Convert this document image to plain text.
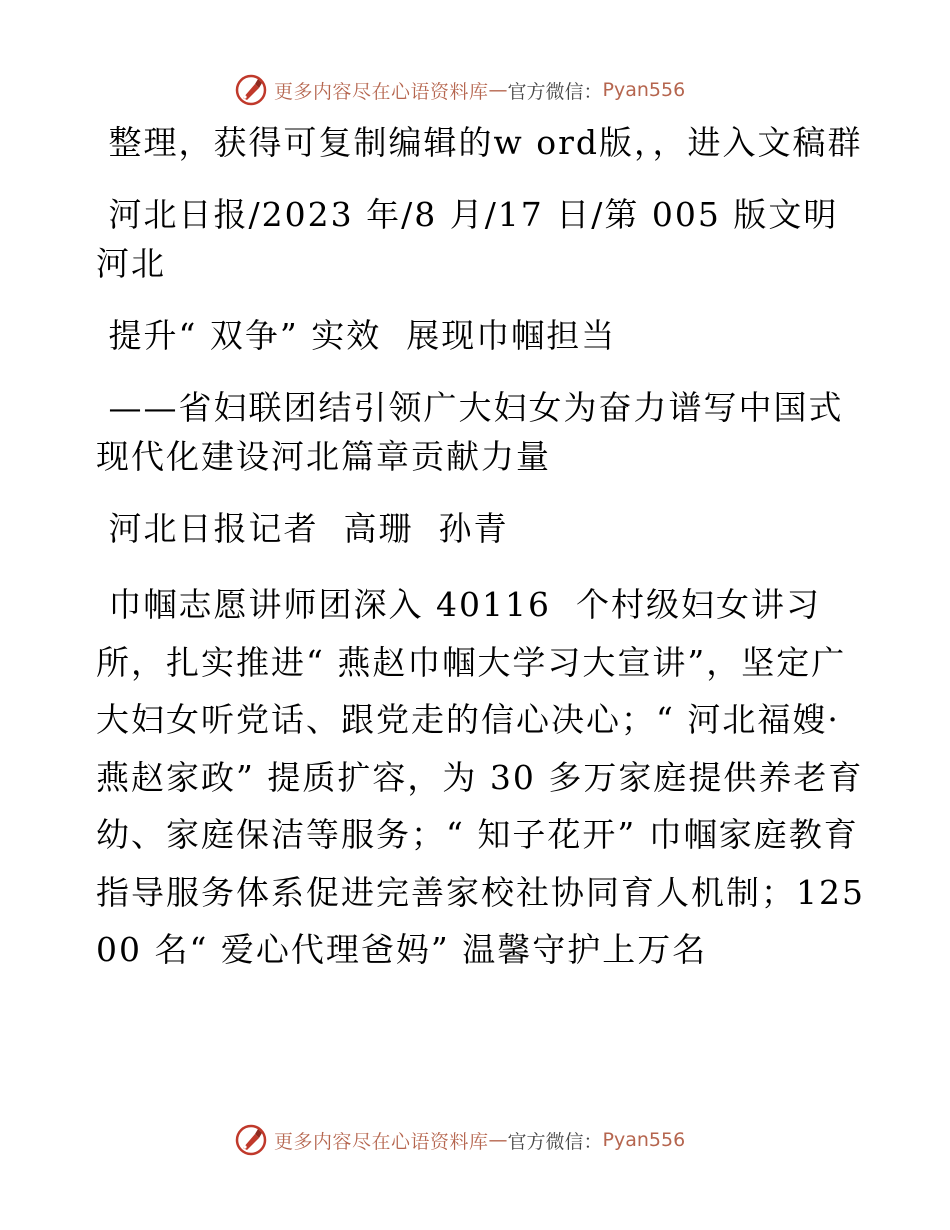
更多内容尽在心语资料库 — 官方微信： Pyan556
整理，获得可复制编辑的w ord版，，进入文稿群
河北日报/2023 年/8 月/17 日/第 005 版文明河北
提升“ 双争” 实效  展现巾帼担当
——省妇联团结引领广大妇女为奋力谱写中国式现代化建设河北篇章贡献力量
河北日报记者  高珊  孙青
巾帼志愿讲师团深入 40116  个村级妇女讲习所，扎实推进“ 燕赵巾帼大学习大宣讲”，坚定广大妇女听党话、跟党走的信心决心；“ 河北福嫂· 燕赵家政” 提质扩容，为 30 多万家庭提供养老育幼、家庭保洁等服务；“ 知子花开” 巾帼家庭教育指导服务体系促进完善家校社协同育人机制；12500 名“ 爱心代理爸妈” 温馨守护上万名
更多内容尽在心语资料库 — 官方微信： Pyan556
